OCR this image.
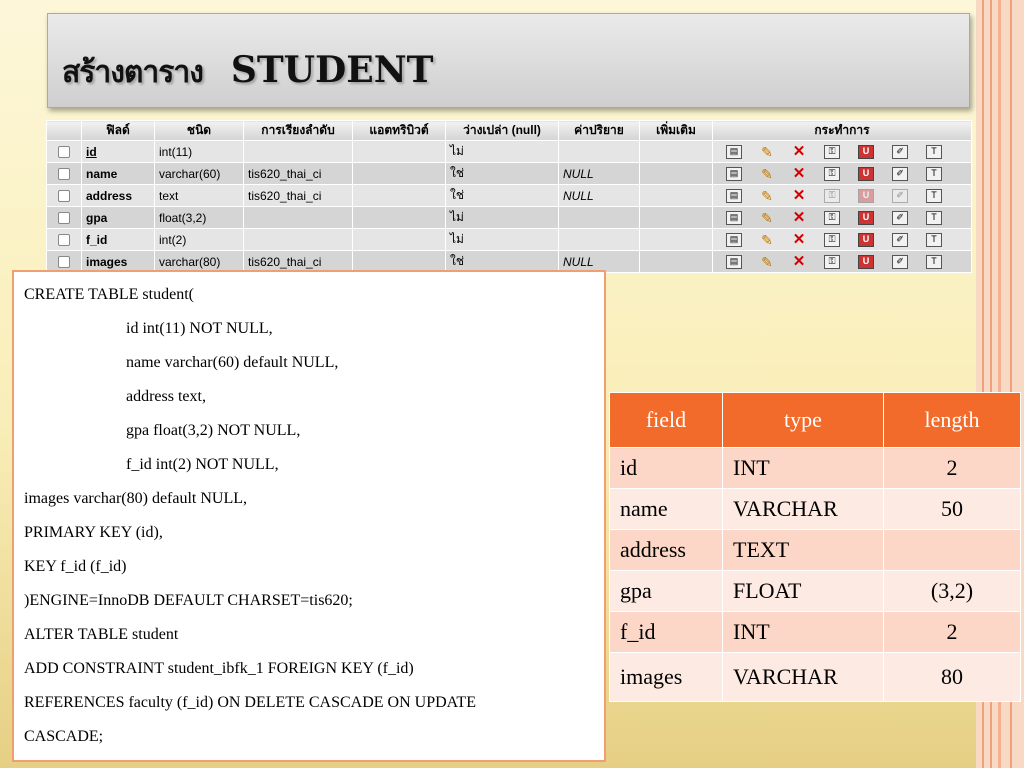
สร้างตาราง STUDENT
	ฟิลด์	ชนิด	การเรียงลำดับ	แอตทริบิวต์	ว่างเปล่า (null)	ค่าปริยาย	เพิ่มเติม	กระทำการ
	id	int(11)			ไม่			▤ ✎ ✕ ⚿ U ✐ T
	name	varchar(60)	tis620_thai_ci		ใช่	NULL		▤ ✎ ✕ ⚿ U ✐ T
	address	text	tis620_thai_ci		ใช่	NULL		▤ ✎ ✕ ⚿ U ✐ T
	gpa	float(3,2)			ไม่			▤ ✎ ✕ ⚿ U ✐ T
	f_id	int(2)			ไม่			▤ ✎ ✕ ⚿ U ✐ T
	images	varchar(80)	tis620_thai_ci		ใช่	NULL		▤ ✎ ✕ ⚿ U ✐ T
CREATE TABLE student(
id int(11) NOT NULL,
name varchar(60) default NULL,
address text,
gpa float(3,2) NOT NULL,
f_id int(2) NOT NULL,
images varchar(80) default NULL,
PRIMARY KEY (id),
KEY f_id (f_id)
)ENGINE=InnoDB DEFAULT CHARSET=tis620;
ALTER TABLE student
ADD CONSTRAINT student_ibfk_1 FOREIGN KEY (f_id)
REFERENCES faculty (f_id) ON DELETE CASCADE ON UPDATE
CASCADE;
field	type	length
id	INT	2
name	VARCHAR	50
address	TEXT	
gpa	FLOAT	(3,2)
f_id	INT	2
images	VARCHAR	80
